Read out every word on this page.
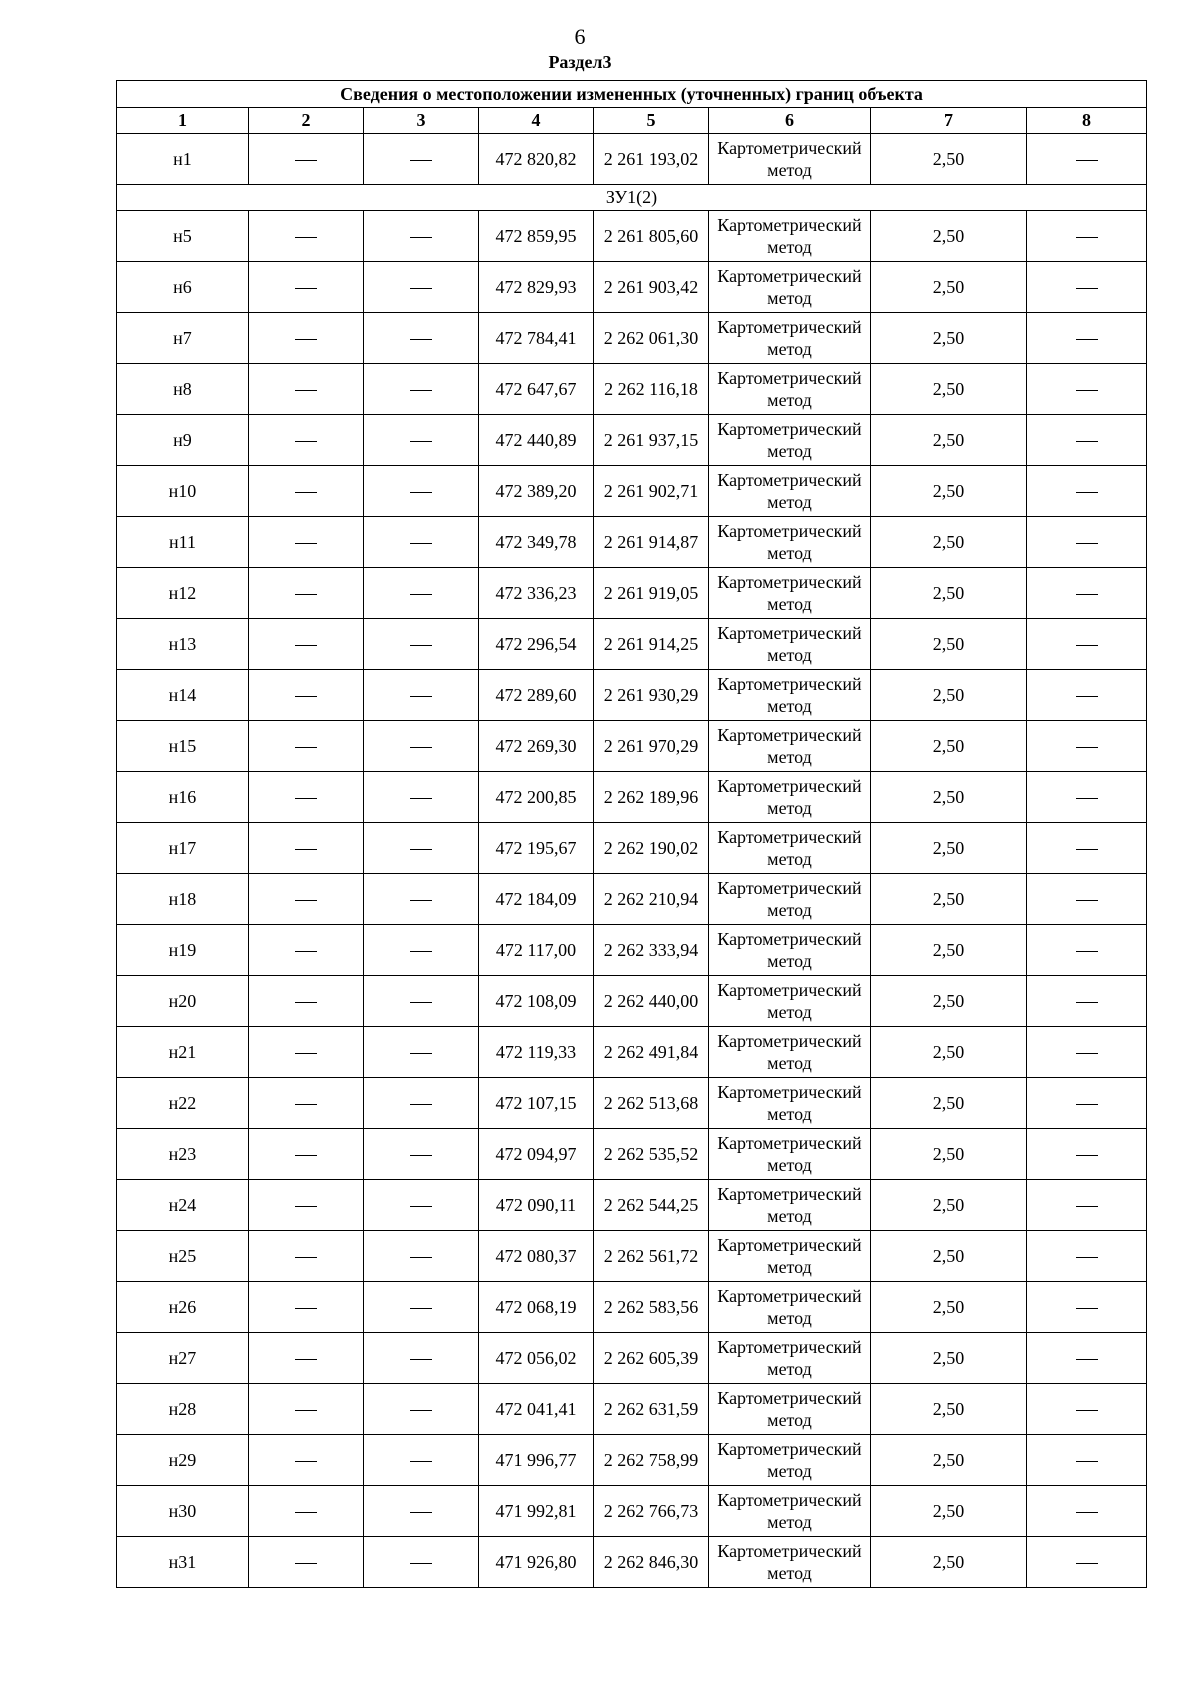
6
Раздел3
Сведения о местоположении измененных (уточненных) границ объекта							
1	2	3	4	5	6	7	8
н1			472 820,82	2 261 193,02	Картометрический метод	2,50	
ЗУ1(2)							
н5			472 859,95	2 261 805,60	Картометрический метод	2,50	
н6			472 829,93	2 261 903,42	Картометрический метод	2,50	
н7			472 784,41	2 262 061,30	Картометрический метод	2,50	
н8			472 647,67	2 262 116,18	Картометрический метод	2,50	
н9			472 440,89	2 261 937,15	Картометрический метод	2,50	
н10			472 389,20	2 261 902,71	Картометрический метод	2,50	
н11			472 349,78	2 261 914,87	Картометрический метод	2,50	
н12			472 336,23	2 261 919,05	Картометрический метод	2,50	
н13			472 296,54	2 261 914,25	Картометрический метод	2,50	
н14			472 289,60	2 261 930,29	Картометрический метод	2,50	
н15			472 269,30	2 261 970,29	Картометрический метод	2,50	
н16			472 200,85	2 262 189,96	Картометрический метод	2,50	
н17			472 195,67	2 262 190,02	Картометрический метод	2,50	
н18			472 184,09	2 262 210,94	Картометрический метод	2,50	
н19			472 117,00	2 262 333,94	Картометрический метод	2,50	
н20			472 108,09	2 262 440,00	Картометрический метод	2,50	
н21			472 119,33	2 262 491,84	Картометрический метод	2,50	
н22			472 107,15	2 262 513,68	Картометрический метод	2,50	
н23			472 094,97	2 262 535,52	Картометрический метод	2,50	
н24			472 090,11	2 262 544,25	Картометрический метод	2,50	
н25			472 080,37	2 262 561,72	Картометрический метод	2,50	
н26			472 068,19	2 262 583,56	Картометрический метод	2,50	
н27			472 056,02	2 262 605,39	Картометрический метод	2,50	
н28			472 041,41	2 262 631,59	Картометрический метод	2,50	
н29			471 996,77	2 262 758,99	Картометрический метод	2,50	
н30			471 992,81	2 262 766,73	Картометрический метод	2,50	
н31			471 926,80	2 262 846,30	Картометрический метод	2,50	
